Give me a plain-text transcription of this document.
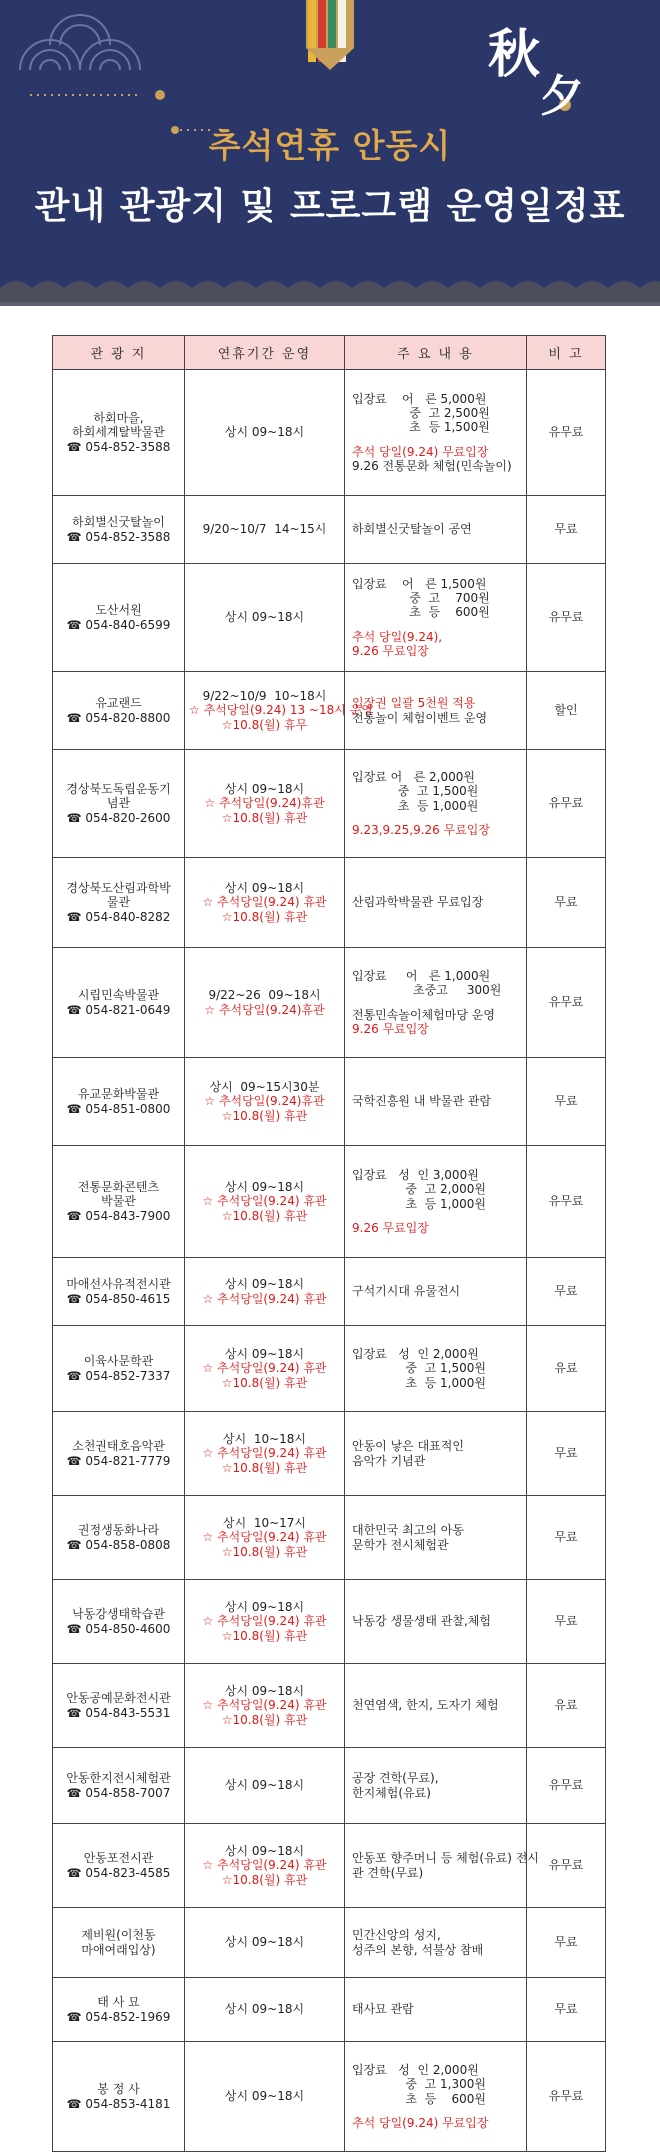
秋
夕
추석연휴 안동시
관내 관광지 및 프로그램 운영일정표
관 광 지	연휴기간 운영	주 요 내 용	비 고

하회마을,
하회세계탈박물관
☎ 054-852-3588	상시 09~18시	입장료    어   른 5,000원
중  고 2,500원
초  등 1,500원
추석 당일(9.24) 무료입장
9.26 전통문화 체험(민속놀이)	유무료

하회별신굿탈놀이
☎ 054-852-3588	9/20~10/7  14~15시	하회별신굿탈놀이 공연	무료

도산서원
☎ 054-840-6599	상시 09~18시	입장료    어   른 1,500원
중  고    700원
초  등    600원
추석 당일(9.24),
9.26 무료입장	유무료

유교랜드
☎ 054-820-8800	9/22~10/9  10~18시
☆ 추석당일(9.24) 13 ~18시 운영
☆10.8(월) 휴무	입장권 일괄 5천원 적용
전통놀이 체험이벤트 운영	할인

경상북도독립운동기
념관
☎ 054-820-2600	상시 09~18시
☆ 추석당일(9.24)휴관
☆10.8(월) 휴관	입장료 어   른 2,000원
중  고 1,500원
초  등 1,000원
9.23,9.25,9.26 무료입장	유무료

경상북도산림과학박
물관
☎ 054-840-8282	상시 09~18시
☆ 추석당일(9.24) 휴관
☆10.8(월) 휴관	산림과학박물관 무료입장	무료

시립민속박물관
☎ 054-821-0649	9/22~26  09~18시
☆ 추석당일(9.24)휴관	입장료     어   른 1,000원
초중고     300원
전통민속놀이체험마당 운영
9.26 무료입장	유무료

유교문화박물관
☎ 054-851-0800	상시  09~15시30분
☆ 추석당일(9.24)휴관
☆10.8(월) 휴관	국학진흥원 내 박물관 관람	무료

전통문화콘텐츠
박물관
☎ 054-843-7900	상시 09~18시
☆ 추석당일(9.24) 휴관
☆10.8(월) 휴관	입장료   성  인 3,000원
중  고 2,000원
초  등 1,000원
9.26 무료입장	유무료

마애선사유적전시관
☎ 054-850-4615	상시 09~18시
☆ 추석당일(9.24) 휴관	구석기시대 유물전시	무료

이육사문학관
☎ 054-852-7337	상시 09~18시
☆ 추석당일(9.24) 휴관
☆10.8(월) 휴관	입장료   성  인 2,000원
중  고 1,500원
초  등 1,000원	유료

소천권태호음악관
☎ 054-821-7779	상시  10~18시
☆ 추석당일(9.24) 휴관
☆10.8(월) 휴관	안동이 낳은 대표적인
음악가 기념관	무료

권정생동화나라
☎ 054-858-0808	상시  10~17시
☆ 추석당일(9.24) 휴관
☆10.8(월) 휴관	대한민국 최고의 아동
문학가 전시체험관	무료

낙동강생태학습관
☎ 054-850-4600	상시 09~18시
☆ 추석당일(9.24) 휴관
☆10.8(월) 휴관	낙동강 생물생태 관찰,체험	무료

안동공예문화전시관
☎ 054-843-5531	상시 09~18시
☆ 추석당일(9.24) 휴관
☆10.8(월) 휴관	천연염색, 한지, 도자기 체험	유료

안동한지전시체험관
☎ 054-858-7007	상시 09~18시	공장 견학(무료),
한지체험(유료)	유무료

안동포전시관
☎ 054-823-4585	상시 09~18시
☆ 추석당일(9.24) 휴관
☆10.8(월) 휴관	안동포 향주머니 등 체험(유료) 전시
관 견학(무료)	유무료

제비원(이천동
마애여래입상)	상시 09~18시	민간신앙의 성지,
성주의 본향, 석불상 참배	무료

태 사 묘
☎ 054-852-1969	상시 09~18시	태사묘 관람	무료

봉 정 사
☎ 054-853-4181	상시 09~18시	입장료   성  인 2,000원
중  고 1,300원
초  등    600원
추석 당일(9.24) 무료입장	유무료
